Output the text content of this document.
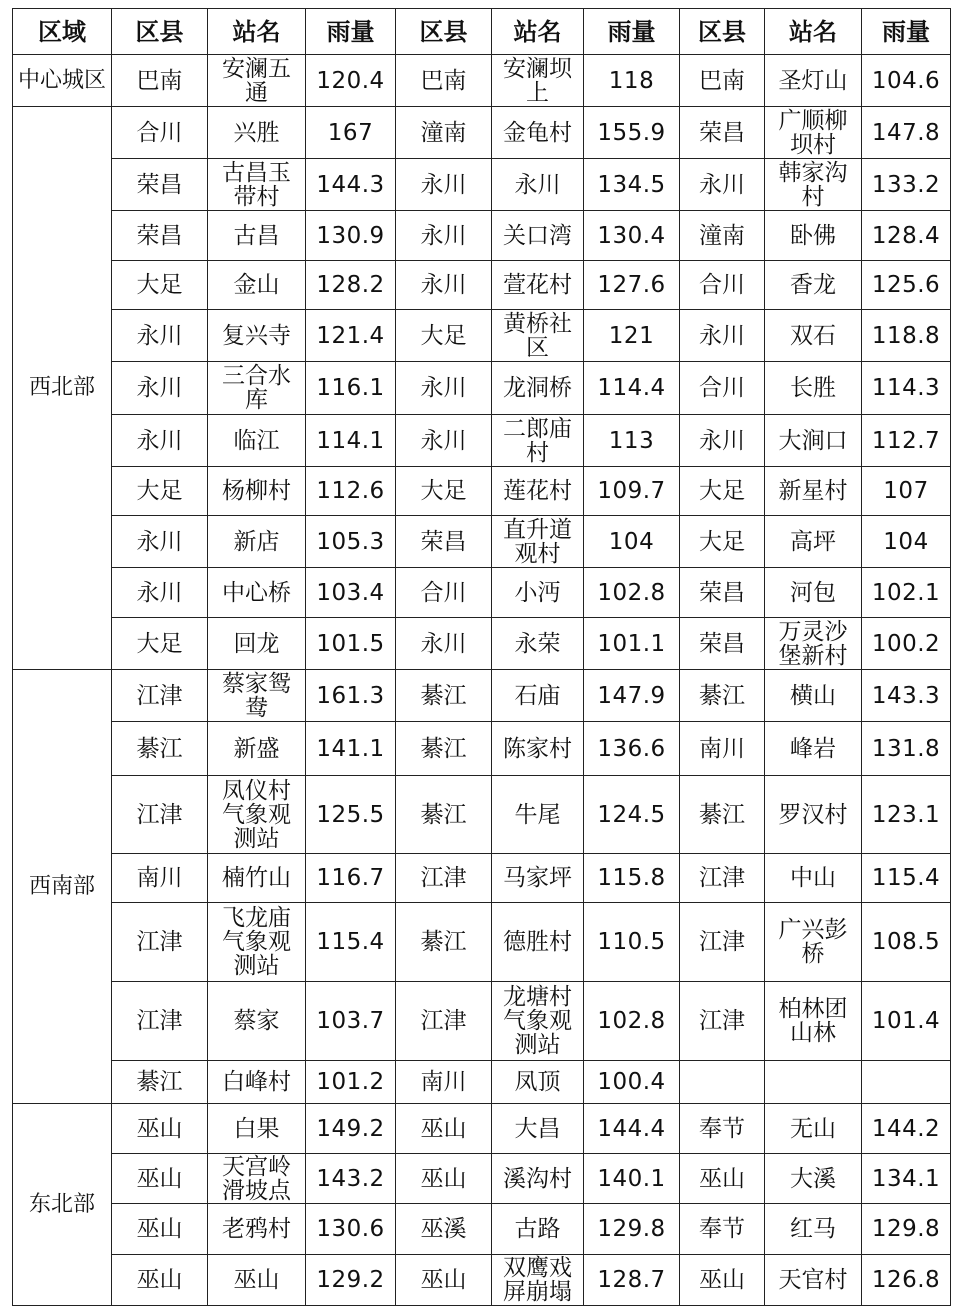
区域	区县	站名	雨量	区县	站名	雨量	区县	站名	雨量
中心城区	巴南	安澜五通	120.4	巴南	安澜坝上	118	巴南	圣灯山	104.6
西北部	合川	兴胜	167	潼南	金龟村	155.9	荣昌	广顺柳坝村	147.8
	荣昌	古昌玉带村	144.3	永川	永川	134.5	永川	韩家沟村	133.2
	荣昌	古昌	130.9	永川	关口湾	130.4	潼南	卧佛	128.4
	大足	金山	128.2	永川	萱花村	127.6	合川	香龙	125.6
	永川	复兴寺	121.4	大足	黄桥社区	121	永川	双石	118.8
	永川	三合水库	116.1	永川	龙洞桥	114.4	合川	长胜	114.3
	永川	临江	114.1	永川	二郎庙村	113	永川	大涧口	112.7
	大足	杨柳村	112.6	大足	莲花村	109.7	大足	新星村	107
	永川	新店	105.3	荣昌	直升道观村	104	大足	高坪	104
	永川	中心桥	103.4	合川	小沔	102.8	荣昌	河包	102.1
	大足	回龙	101.5	永川	永荣	101.1	荣昌	万灵沙堡新村	100.2
西南部	江津	蔡家鸳鸯	161.3	綦江	石庙	147.9	綦江	横山	143.3
	綦江	新盛	141.1	綦江	陈家村	136.6	南川	峰岩	131.8
	江津	凤仪村气象观测站	125.5	綦江	牛尾	124.5	綦江	罗汉村	123.1
	南川	楠竹山	116.7	江津	马家坪	115.8	江津	中山	115.4
	江津	飞龙庙气象观测站	115.4	綦江	德胜村	110.5	江津	广兴彭桥	108.5
	江津	蔡家	103.7	江津	龙塘村气象观测站	102.8	江津	柏林团山林	101.4
	綦江	白峰村	101.2	南川	凤顶	100.4			
东北部	巫山	白果	149.2	巫山	大昌	144.4	奉节	无山	144.2
	巫山	天宫岭滑坡点	143.2	巫山	溪沟村	140.1	巫山	大溪	134.1
	巫山	老鸦村	130.6	巫溪	古路	129.8	奉节	红马	129.8
	巫山	巫山	129.2	巫山	双鹰戏屏崩塌	128.7	巫山	天官村	126.8
